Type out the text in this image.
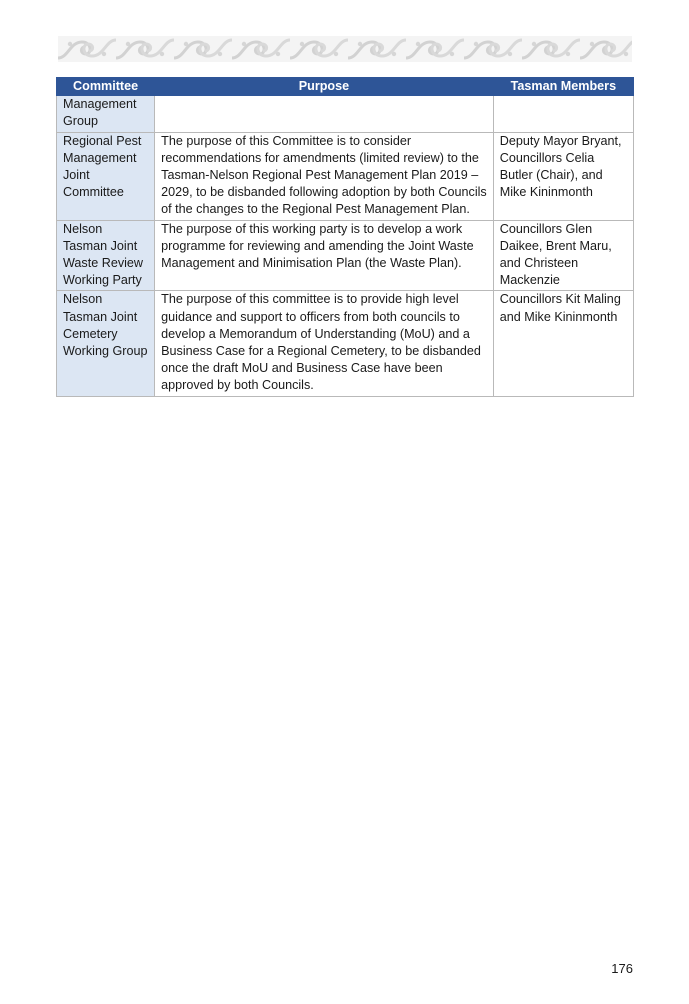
Committee	Purpose	Tasman Members
Management Group		
Regional Pest Management Joint Committee	The purpose of this Committee is to consider recommendations for amendments (limited review) to the Tasman-Nelson Regional Pest Management Plan 2019 – 2029, to be disbanded following adoption by both Councils of the changes to the Regional Pest Management Plan.	Deputy Mayor Bryant, Councillors Celia Butler (Chair), and Mike Kininmonth
Nelson Tasman Joint Waste Review Working Party	The purpose of this working party is to develop a work programme for reviewing and amending the Joint Waste Management and Minimisation Plan (the Waste Plan).	Councillors Glen Daikee, Brent Maru, and Christeen Mackenzie
Nelson Tasman Joint Cemetery Working Group	The purpose of this committee is to provide high level guidance and support to officers from both councils to develop a Memorandum of Understanding (MoU) and a Business Case for a Regional Cemetery, to be disbanded once the draft MoU and Business Case have been approved by both Councils.	Councillors Kit Maling and Mike Kininmonth
176
